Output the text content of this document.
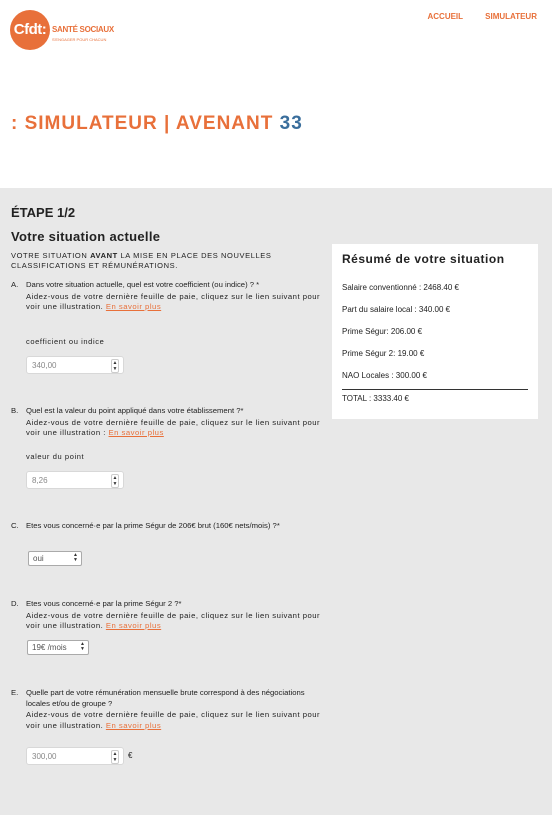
Cfdt: SANTÉ SOCIAUX
S'ENGAGER POUR CHACUN
ACCUEIL	SIMULATEUR
: SIMULATEUR | AVENANT 33
ÉTAPE 1/2
Votre situation actuelle
VOTRE SITUATION AVANT LA MISE EN PLACE DES NOUVELLES CLASSIFICATIONS ET RÉMUNÉRATIONS.
A.	Dans votre situation actuelle, quel est votre coefficient (ou indice) ? *
Aidez-vous de votre dernière feuille de paie, cliquez sur le lien suivant pour voir une illustration. En savoir plus
coefficient ou indice
340,00	▲
▼
B.	Quel est la valeur du point appliqué dans votre établissement ?*
Aidez-vous de votre dernière feuille de paie, cliquez sur le lien suivant pour voir une illustration : En savoir plus
valeur du point
8,26	▲
▼
C. Etes vous concerné·e par la prime Ségur de 206€ brut (160€ nets/mois) ?*
oui	▲
▼
D. Etes vous concerné·e par la prime Ségur 2 ?*
Aidez-vous de votre dernière feuille de paie, cliquez sur le lien suivant pour voir une illustration. En savoir plus
19€ /mois	▲
▼
E.	Quelle part de votre rémunération mensuelle brute correspond à des négociations locales et/ou de groupe ?
Aidez-vous de votre dernière feuille de paie, cliquez sur le lien suivant pour voir une illustration. En savoir plus
300,00	▲
▼ €
Résumé de votre situation
Salaire conventionné : 2468.40 €
Part du salaire local : 340.00 €
Prime Ségur: 206.00 €
Prime Ségur 2: 19.00 €
NAO Locales : 300.00 €
TOTAL : 3333.40 €
